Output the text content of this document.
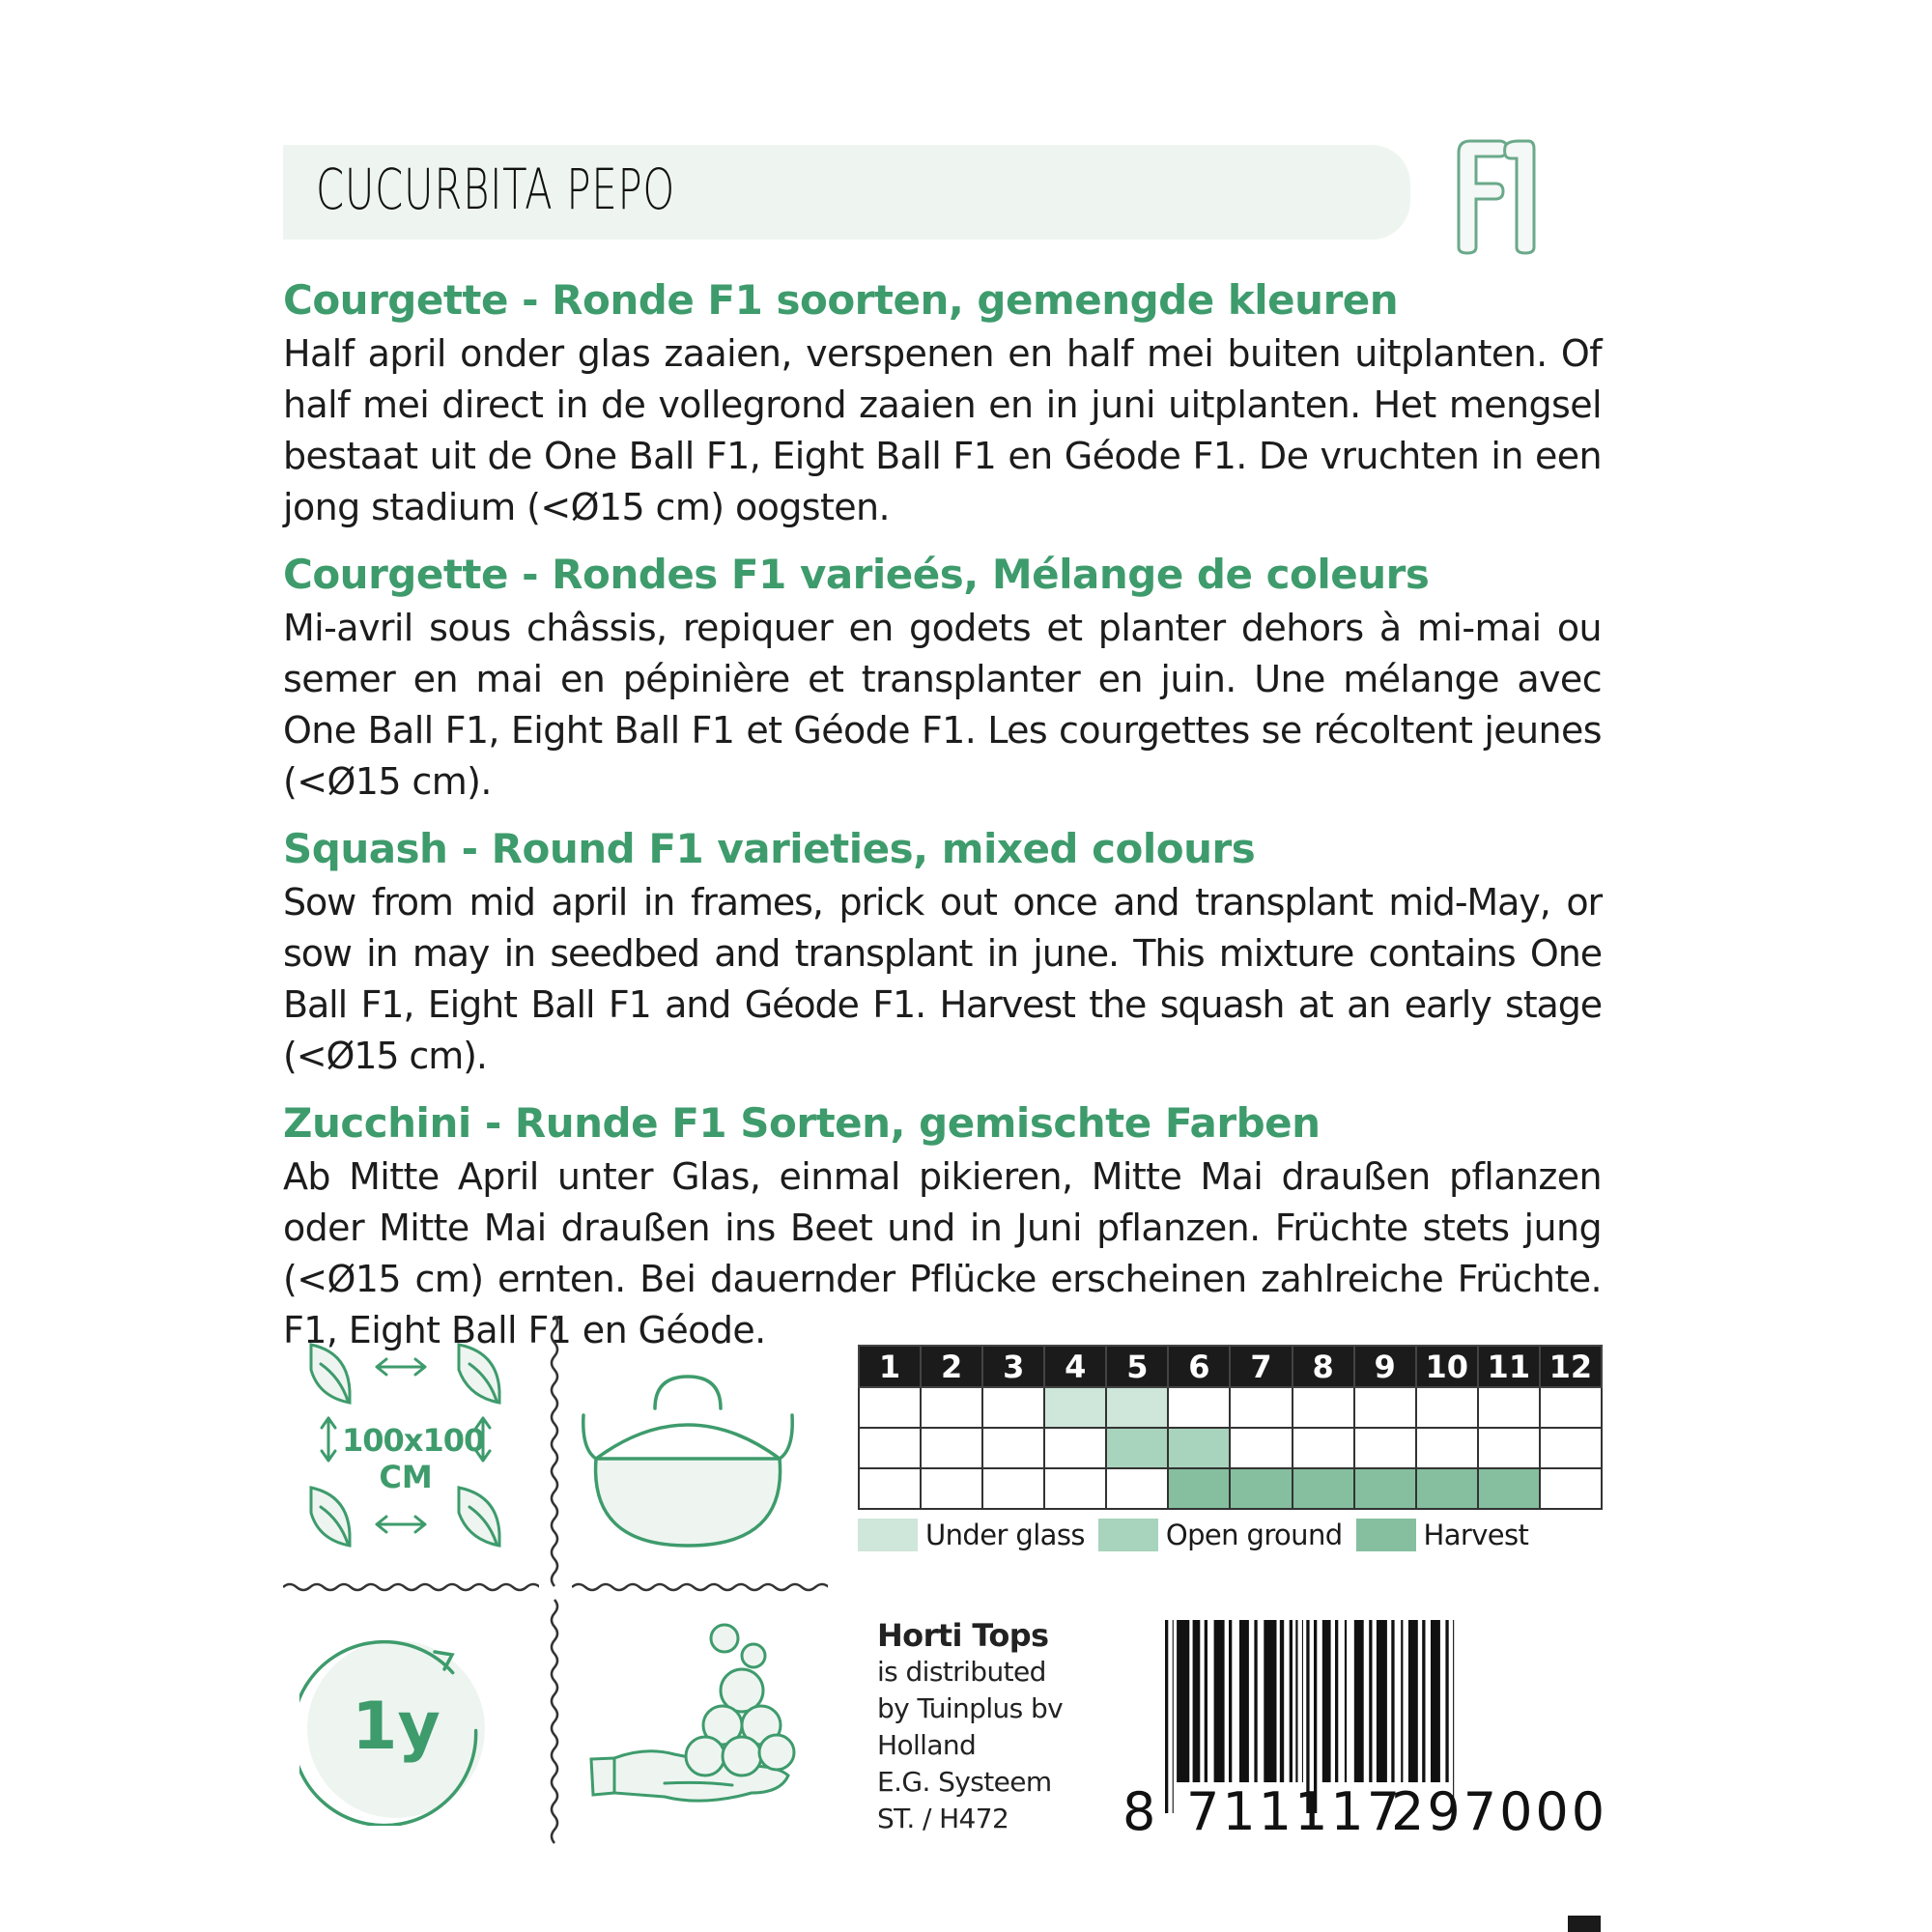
CUCURBITA PEPO
Courgette - Ronde F1 soorten, gemengde kleuren
Half april onder glas zaaien, verspenen en half mei buiten uitplanten. Of half mei direct in de vollegrond zaaien en in juni uitplanten. Het mengsel bestaat uit de One Ball F1, Eight Ball F1 en Géode F1. De vruchten in een jong stadium (<Ø15 cm) oogsten.
Courgette - Rondes F1 varieés, Mélange de coleurs
Mi-avril sous châssis, repiquer en godets et planter dehors à mi-mai ou semer en mai en pépinière et transplanter en juin. Une mélange avec One Ball F1, Eight Ball F1 et Géode F1. Les courgettes se récoltent jeunes (<Ø15 cm).
Squash - Round F1 varieties, mixed colours
Sow from mid april in frames, prick out once and transplant mid-May, or sow in may in seedbed and transplant in june. This mixture contains One Ball F1, Eight Ball F1 and Géode F1. Harvest the squash at an early stage (<Ø15 cm).
Zucchini - Runde F1 Sorten, gemischte Farben
Ab Mitte April unter Glas, einmal pikieren, Mitte Mai draußen pflanzen oder Mitte Mai draußen ins Beet und in Juni pflanzen. Früchte stets jung (<Ø15 cm) ernten. Bei dauernder Pflücke erscheinen zahlreiche Früchte. F1, Eight Ball F1 en Géode.
100x100
CM
1y
1	2	3	4	5	6	7	8	9	10	11	12

Under glass	Open ground	Harvest
Horti Tops
is distributed
by Tuinplus bv
Holland
E.G. Systeem
ST. / H472	8 711117
297000
